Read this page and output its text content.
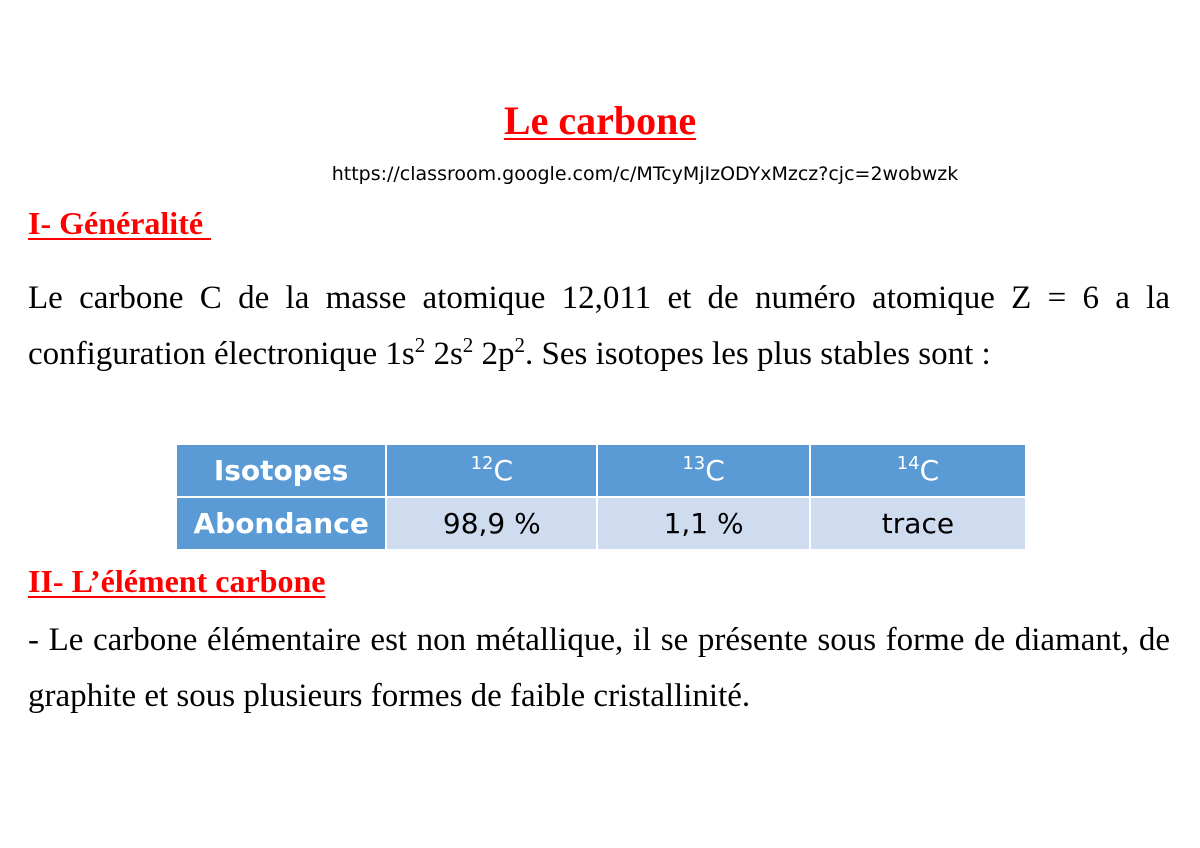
Le carbone
https://classroom.google.com/c/MTcyMjIzODYxMzcz?cjc=2wobwzk
I- Généralité
Le carbone C de la masse atomique 12,011 et de numéro atomique Z = 6 a la configuration électronique $1s^2$ $2s^2$ $2p^2$. Ses isotopes les plus stables sont :
Isotopes	$^{12}$C	$^{13}$C	$^{14}$C
Abondance	98,9 %	1,1 %	trace
II- L’élément carbone
- Le carbone élémentaire est non métallique, il se présente sous forme de diamant, de graphite et sous plusieurs formes de faible cristallinité.
